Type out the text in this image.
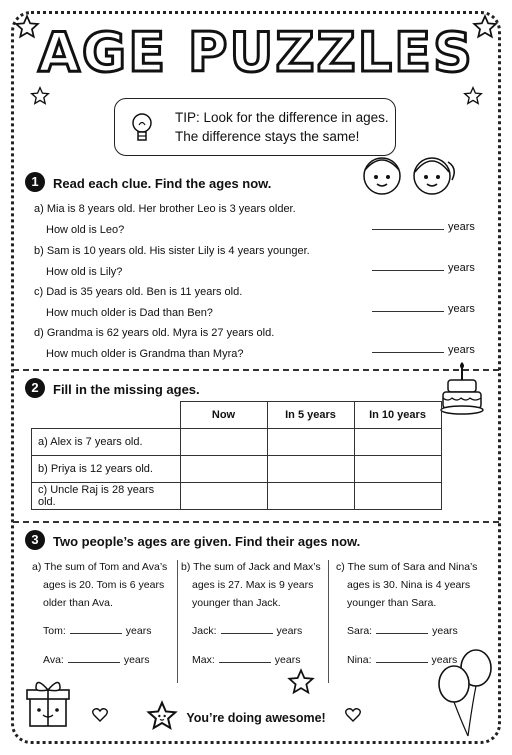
AGE PUZZLES
TIP: Look for the difference in ages.
The difference stays the same!
1	Read each clue. Find the ages now.
a) Mia is 8 years old. Her brother Leo is 3 years older.
How old is Leo?	years
b) Sam is 10 years old. His sister Lily is 4 years younger.
How old is Lily?	years
c) Dad is 35 years old. Ben is 11 years old.
How much older is Dad than Ben?	years
d) Grandma is 62 years old. Myra is 27 years old.
How much older is Grandma than Myra?	years
2	Fill in the missing ages.
	Now	In 5 years	In 10 years
a) Alex is 7 years old.			
b) Priya is 12 years old.			
c) Uncle Raj is 28 years old.			
3	Two people’s ages are given. Find their ages now.
a) The sum of Tom and Ava’s
ages is 20. Tom is 6 years
older than Ava.
Tom:	years
Ava:	years
b) The sum of Jack and Max’s
ages is 27. Max is 9 years
younger than Jack.
Jack:	years
Max:	years
c) The sum of Sara and Nina’s
ages is 30. Nina is 4 years
younger than Sara.
Sara:	years
Nina:	years
You’re doing awesome!
